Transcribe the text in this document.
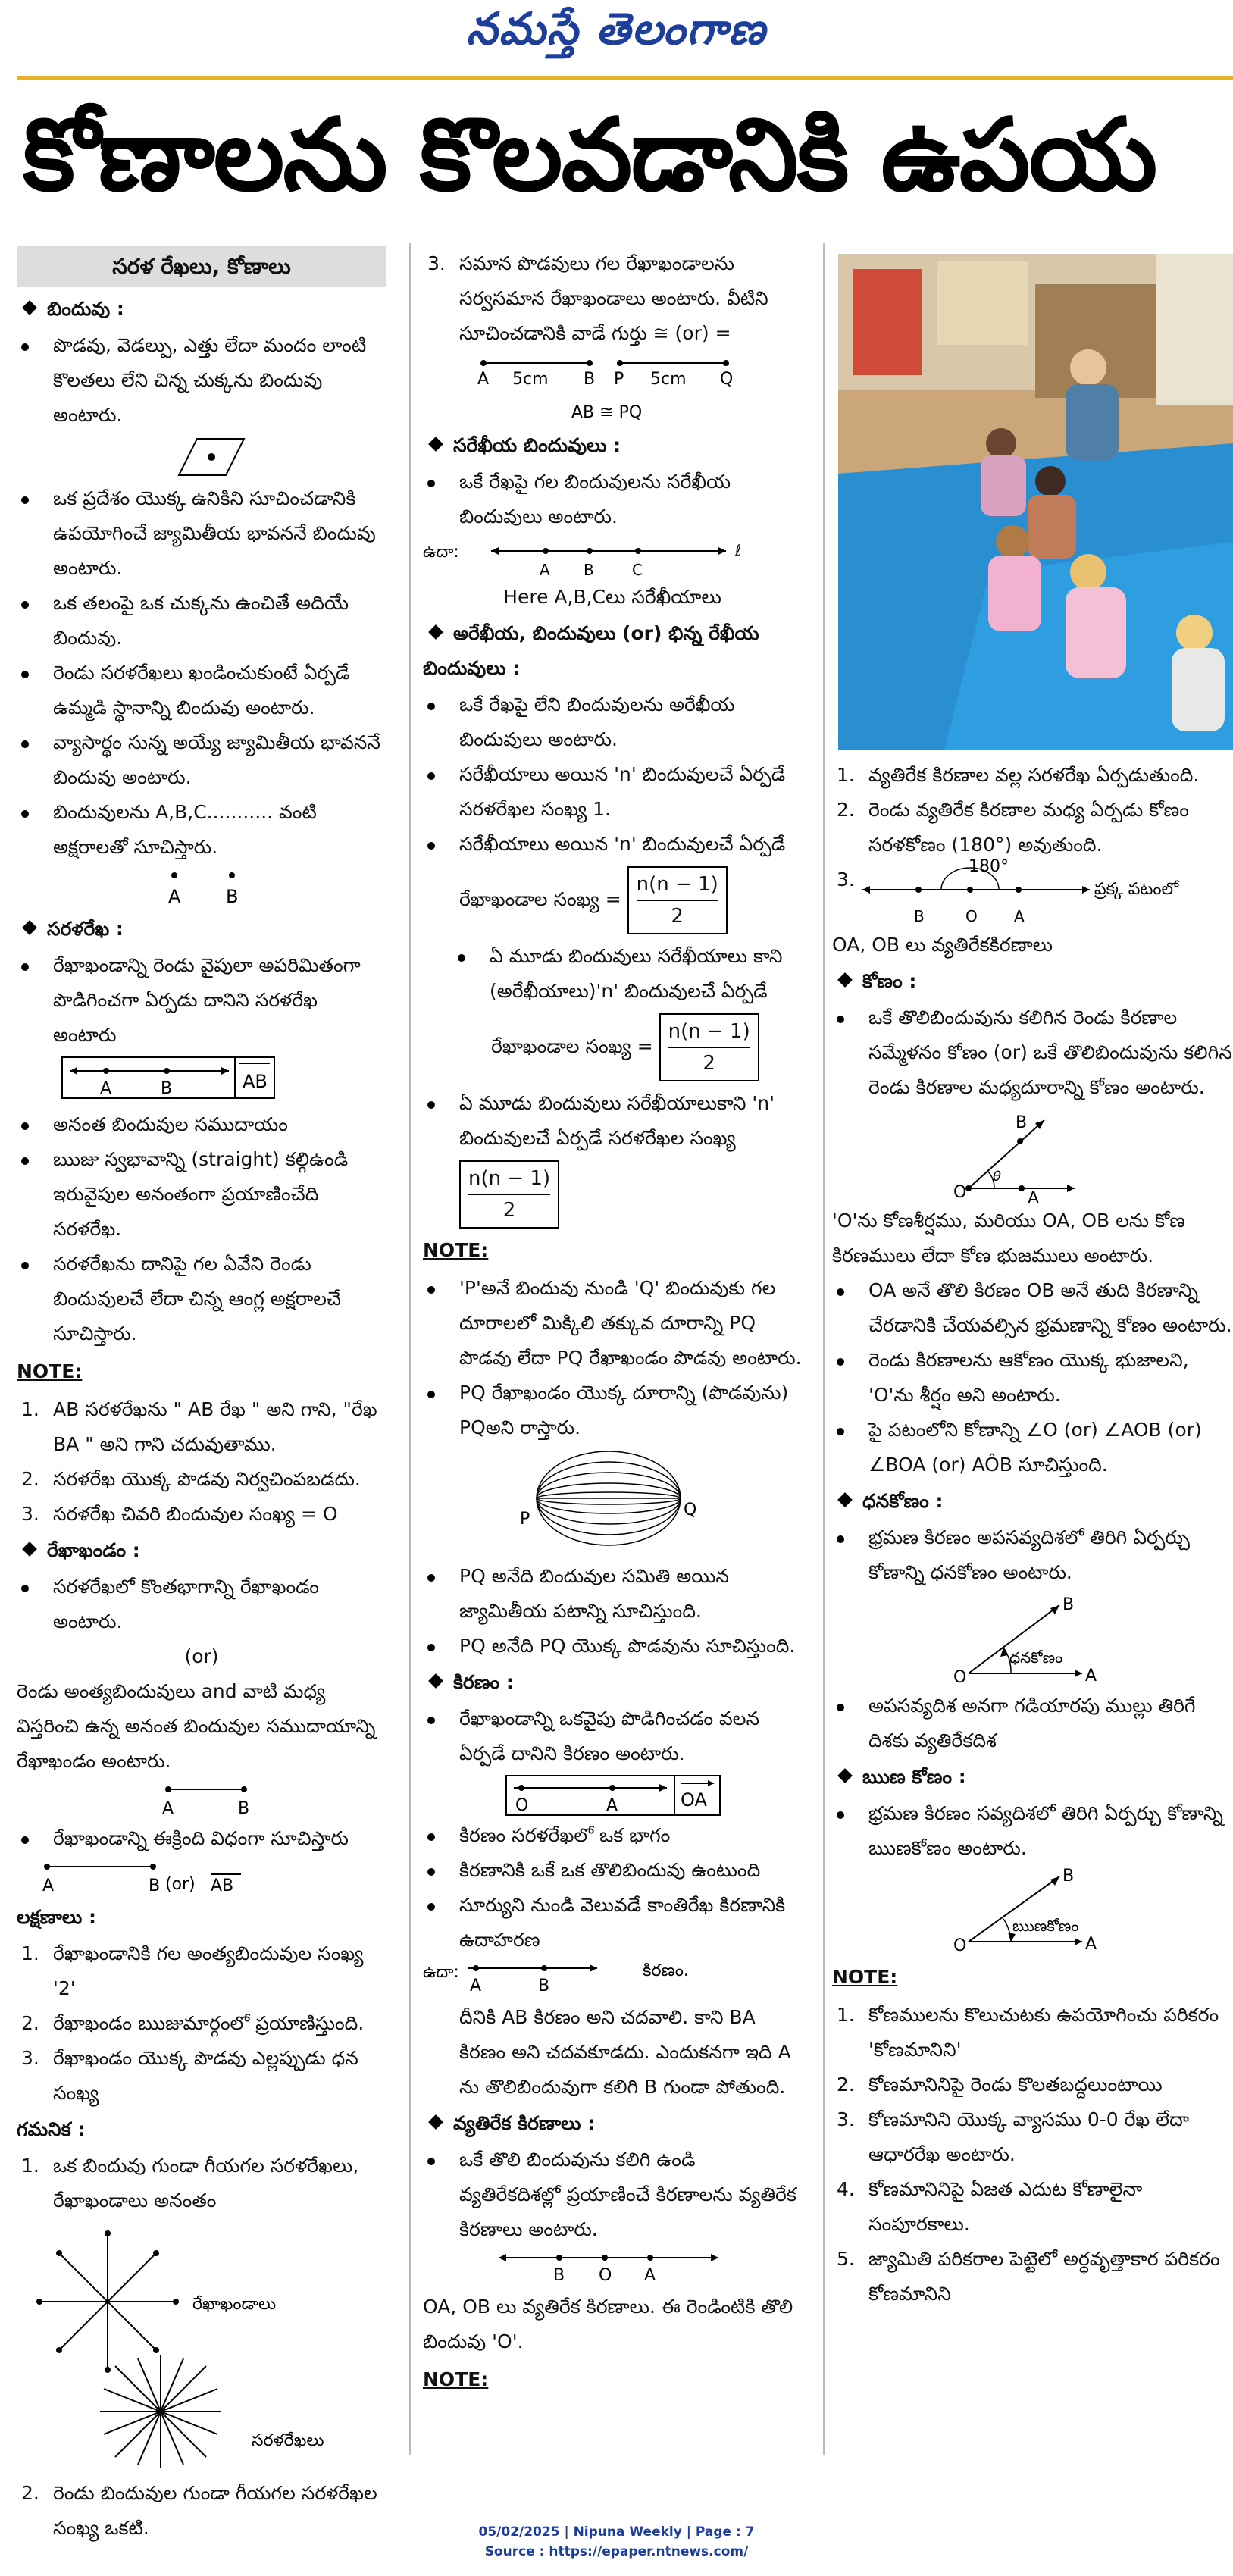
నమస్తే తెలంగాణ
కోణాలను కొలవడానికి ఉపయ
సరళ రేఖలు, కోణాలు
బిందువు :
పొడవు, వెడల్పు, ఎత్తు లేదా మందం లాంటి కొలతలు లేని చిన్న చుక్కను బిందువు అంటారు.
ఒక ప్రదేశం యొక్క ఉనికిని సూచించడానికి ఉపయోగించే జ్యామితీయ భావననే బిందువు అంటారు.
ఒక తలంపై ఒక చుక్కను ఉంచితే అదియే బిందువు.
రెండు సరళరేఖలు ఖండించుకుంటే ఏర్పడే ఉమ్మడి స్థానాన్ని బిందువు అంటారు.
వ్యాసార్థం సున్న అయ్యే జ్యామితీయ భావననే బిందువు అంటారు.
బిందువులను A,B,C........... వంటి అక్షరాలతో సూచిస్తారు.
A B
సరళరేఖ :
రేఖాఖండాన్ని రెండు వైపులా అపరిమితంగా పొడిగించగా ఏర్పడు దానిని సరళరేఖ అంటారు
A	B	AB
అనంత బిందువుల సముదాయం
ఋజు స్వభావాన్ని (straight) కల్గిఉండి ఇరువైపుల అనంతంగా ప్రయాణించేది సరళరేఖ.
సరళరేఖను దానిపై గల ఏవేని రెండు బిందువులచే లేదా చిన్న ఆంగ్ల అక్షరాలచే సూచిస్తారు.
NOTE:
1. AB సరళరేఖను " AB రేఖ " అని గాని, "రేఖ BA " అని గాని చదువుతాము.
2. సరళరేఖ యొక్క పొడవు నిర్వచింపబడదు.
3. సరళరేఖ చివరి బిందువుల సంఖ్య = O
రేఖాఖండం :
సరళరేఖలో కొంతభాగాన్ని రేఖాఖండం అంటారు.
(or)
రెండు అంత్యబిందువులు and వాటి మధ్య విస్తరించి ఉన్న అనంత బిందువుల సముదాయాన్ని రేఖాఖండం అంటారు.
A	B
రేఖాఖండాన్ని ఈక్రింది విధంగా సూచిస్తారు
A	B (or) AB
లక్షణాలు :
1. రేఖాఖండానికి గల అంత్యబిందువుల సంఖ్య '2'
2. రేఖాఖండం ఋజుమార్గంలో ప్రయాణిస్తుంది.
3. రేఖాఖండం యొక్క పొడవు ఎల్లప్పుడు ధన సంఖ్య
గమనిక :
1. ఒక బిందువు గుండా గీయగల సరళరేఖలు, రేఖాఖండాలు అనంతం
రేఖాఖండాలు
సరళరేఖలు
2. రెండు బిందువుల గుండా గీయగల సరళరేఖల సంఖ్య ఒకటి.
3. సమాన పొడవులు గల రేఖాఖండాలను సర్వసమాన రేఖాఖండాలు అంటారు. వీటిని సూచించడానికి వాడే గుర్తు ≅ (or) =
A 5cm B P 5cm Q
AB ≅ PQ
సరేఖీయ బిందువులు :
ఒకే రేఖపై గల బిందువులను సరేఖీయ బిందువులు అంటారు.
ఉదా:
A B	C
ℓ
Here A,B,Cలు సరేఖీయాలు
అరేఖీయ, బిందువులు (or) భిన్న రేఖీయ బిందువులు :
ఒకే రేఖపై లేని బిందువులను అరేఖీయ బిందువులు అంటారు.
సరేఖీయాలు అయిన 'n' బిందువులచే ఏర్పడే సరళరేఖల సంఖ్య 1.
సరేఖీయాలు అయిన 'n' బిందువులచే ఏర్పడే
రేఖాఖండాల సంఖ్య = $\frac{n(n - 1)}{2}$
ఏ మూడు బిందువులు సరేఖీయాలు కాని (అరేఖీయాలు)'n' బిందువులచే ఏర్పడే
రేఖాఖండాల సంఖ్య = $\frac{n(n - 1)}{2}$
ఏ మూడు బిందువులు సరేఖీయాలుకాని 'n' బిందువులచే ఏర్పడే సరళరేఖల సంఖ్య
$\frac{n(n - 1)}{2}$
NOTE:
'P'అనే బిందువు నుండి 'Q' బిందువుకు గల దూరాలలో మిక్కిలి తక్కువ దూరాన్ని PQ పొడవు లేదా PQ రేఖాఖండం పొడవు అంటారు.
PQ రేఖాఖండం యొక్క దూరాన్ని (పొడవును) PQఅని రాస్తారు.
P	Q
PQ అనేది బిందువుల సమితి అయిన జ్యామితీయ పటాన్ని సూచిస్తుంది.
PQ అనేది PQ యొక్క పొడవును సూచిస్తుంది.
కిరణం :
రేఖాఖండాన్ని ఒకవైపు పొడిగించడం వలన ఏర్పడే దానిని కిరణం అంటారు.
O	A	OA
కిరణం సరళరేఖలో ఒక భాగం
కిరణానికి ఒకే ఒక తొలిబిందువు ఉంటుంది
సూర్యుని నుండి వెలువడే కాంతిరేఖ కిరణానికి ఉదాహరణ
ఉదా:
A	B
కిరణం.
దీనికి AB కిరణం అని చదవాలి. కాని BA కిరణం అని చదవకూడదు. ఎందుకనగా ఇది A ను తొలిబిందువుగా కలిగి B గుండా పోతుంది.
వ్యతిరేక కిరణాలు :
ఒకే తొలి బిందువును కలిగి ఉండి వ్యతిరేకదిశల్లో ప్రయాణించే కిరణాలను వ్యతిరేక కిరణాలు అంటారు.
B O A
OA, OB లు వ్యతిరేక కిరణాలు. ఈ రెండింటికి తొలి బిందువు 'O'.
NOTE:
1. వ్యతిరేక కిరణాల వల్ల సరళరేఖ ఏర్పడుతుంది.
2. రెండు వ్యతిరేక కిరణాల మధ్య ఏర్పడు కోణం సరళకోణం (180°) అవుతుంది.
3.
180°
ప్రక్క పటంలో
B	O A
OA, OB లు వ్యతిరేకకిరణాలు
కోణం :
ఒకే తొలిబిందువును కలిగిన రెండు కిరణాల సమ్మేళనం కోణం (or) ఒకే తొలిబిందువును కలిగిన రెండు కిరణాల మధ్యదూరాన్ని కోణం అంటారు.
θ
O
B
A
'O'ను కోణశీర్షము, మరియు OA, OB లను కోణ కిరణములు లేదా కోణ భుజములు అంటారు.
OA అనే తొలి కిరణం OB అనే తుది కిరణాన్ని చేరడానికి చేయవల్సిన భ్రమణాన్ని కోణం అంటారు.
రెండు కిరణాలను ఆకోణం యొక్క భుజాలని, 'O'ను శీర్షం అని అంటారు.
పై పటంలోని కోణాన్ని ∠O (or) ∠AOB (or) ∠BOA (or) AÔB సూచిస్తుంది.
ధనకోణం :
భ్రమణ కిరణం అపసవ్యదిశలో తిరిగి ఏర్పర్చు కోణాన్ని ధనకోణం అంటారు.
ధనకోణం
O
B
A
అపసవ్యదిశ అనగా గడియారపు ముల్లు తిరిగే దిశకు వ్యతిరేకదిశ
ఋణ కోణం :
భ్రమణ కిరణం సవ్యదిశలో తిరిగి ఏర్పర్చు కోణాన్ని ఋణకోణం అంటారు.
ఋణకోణం
O
B
A
NOTE:
1. కోణములను కొలుచుటకు ఉపయోగించు పరికరం 'కోణమానిని'
2. కోణమానినిపై రెండు కొలతబద్దలుంటాయి
3. కోణమానిని యొక్క వ్యాసము 0-0 రేఖ లేదా ఆధారరేఖ అంటారు.
4. కోణమానినిపై ఏజత ఎదుట కోణాలైనా సంపూరకాలు.
5. జ్యామితి పరికరాల పెట్టెలో అర్ధవృత్తాకార పరికరం కోణమానిని
05/02/2025 | Nipuna Weekly | Page : 7
Source : https://epaper.ntnews.com/
